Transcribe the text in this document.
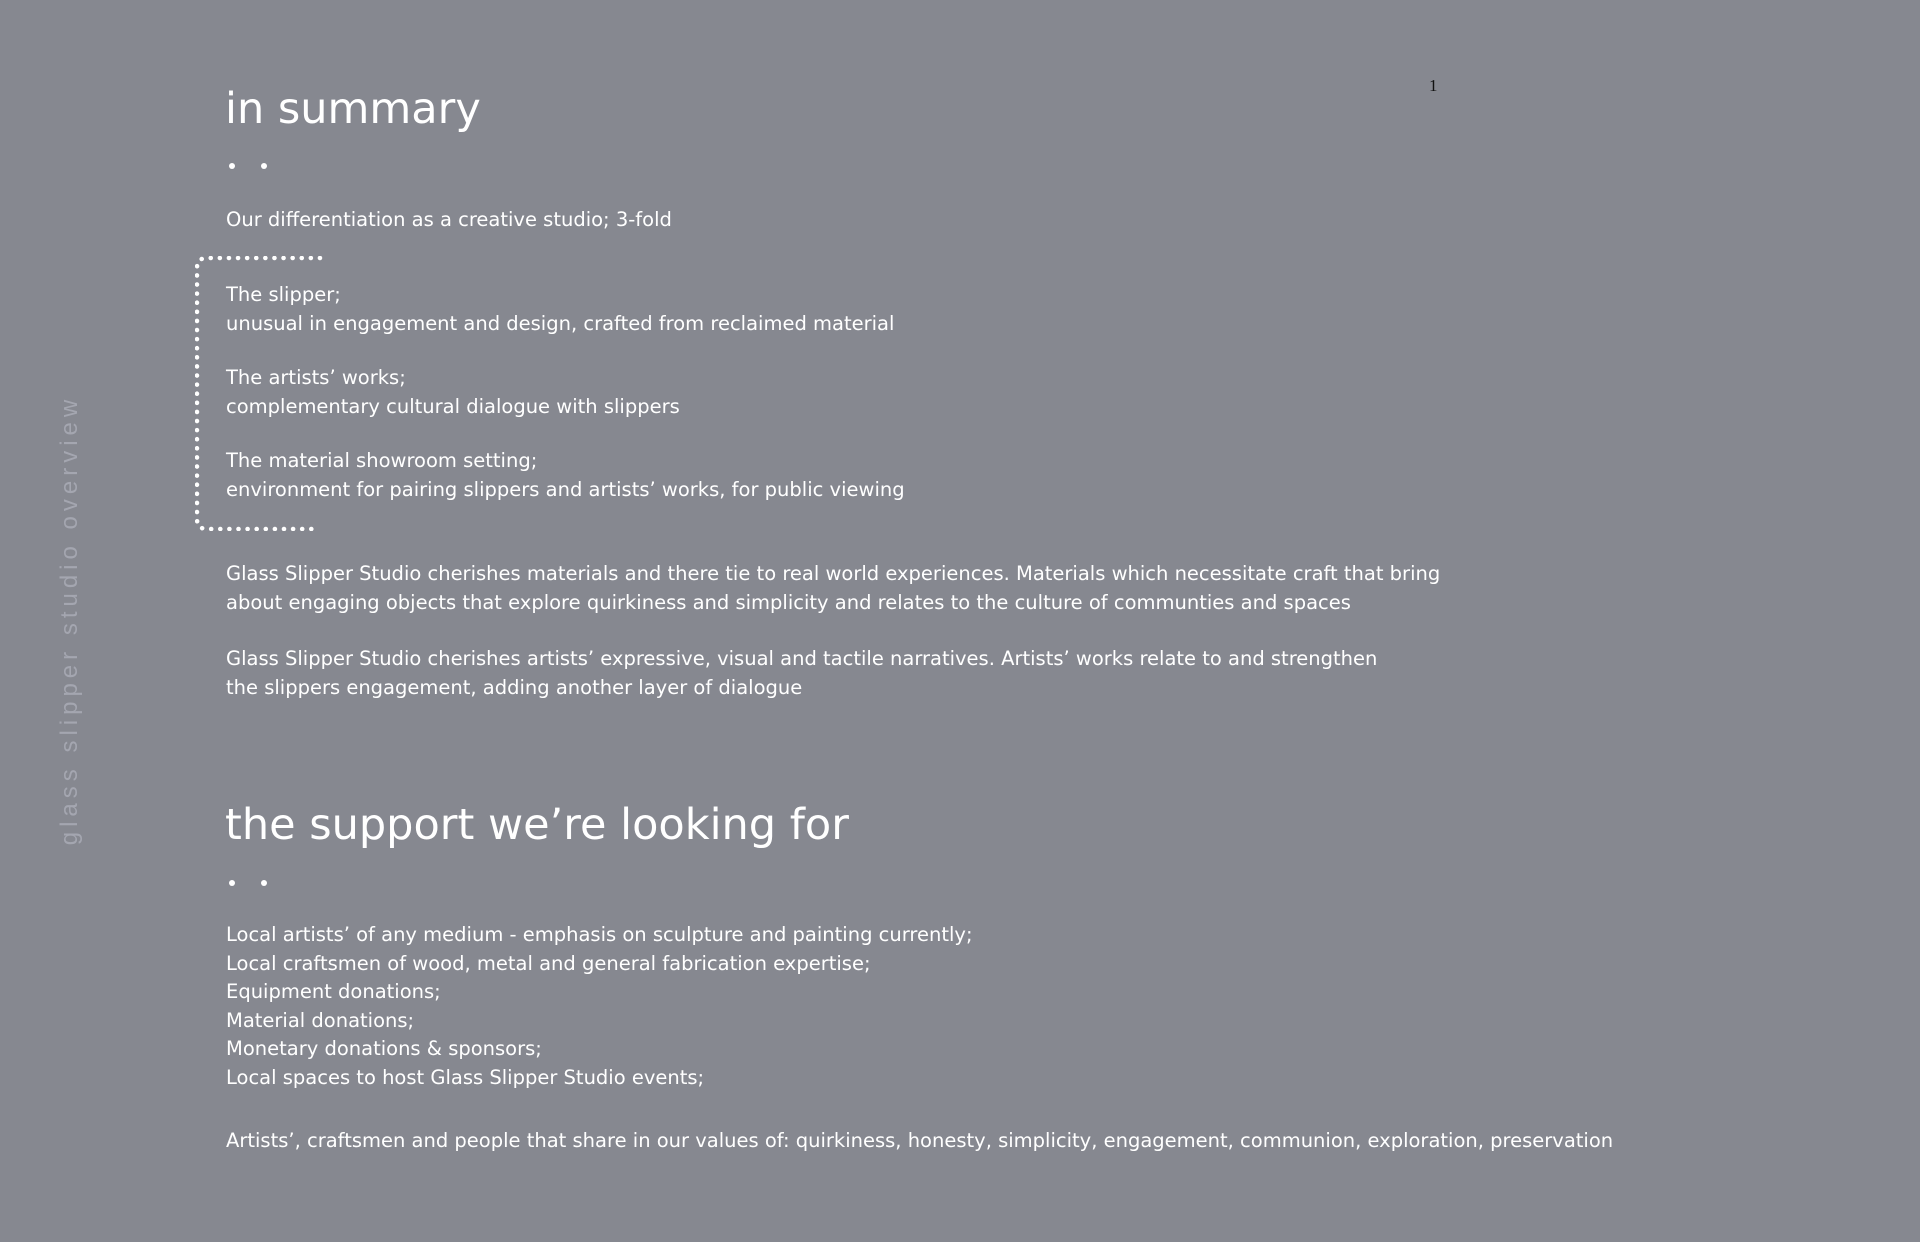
1
glass slipper studio overview
in summary

Our differentiation as a creative studio; 3-fold

The slipper;
unusual in engagement and design, crafted from reclaimed material

The artists’ works;
complementary cultural dialogue with slippers

The material showroom setting;
environment for pairing slippers and artists’ works, for public viewing

Glass Slipper Studio cherishes materials and there tie to real world experiences. Materials which necessitate craft that bring
about engaging objects that explore quirkiness and simplicity and relates to the culture of communties and spaces

Glass Slipper Studio cherishes artists’ expressive, visual and tactile narratives. Artists’ works relate to and strengthen
the slippers engagement, adding another layer of dialogue

the support we’re looking for
Local artists’ of any medium - emphasis on sculpture and painting currently;
Local craftsmen of wood, metal and general fabrication expertise;
Equipment donations;
Material donations;
Monetary donations & sponsors;
Local spaces to host Glass Slipper Studio events;

Artists’, craftsmen and people that share in our values of: quirkiness, honesty, simplicity, engagement, communion, exploration, preservation
